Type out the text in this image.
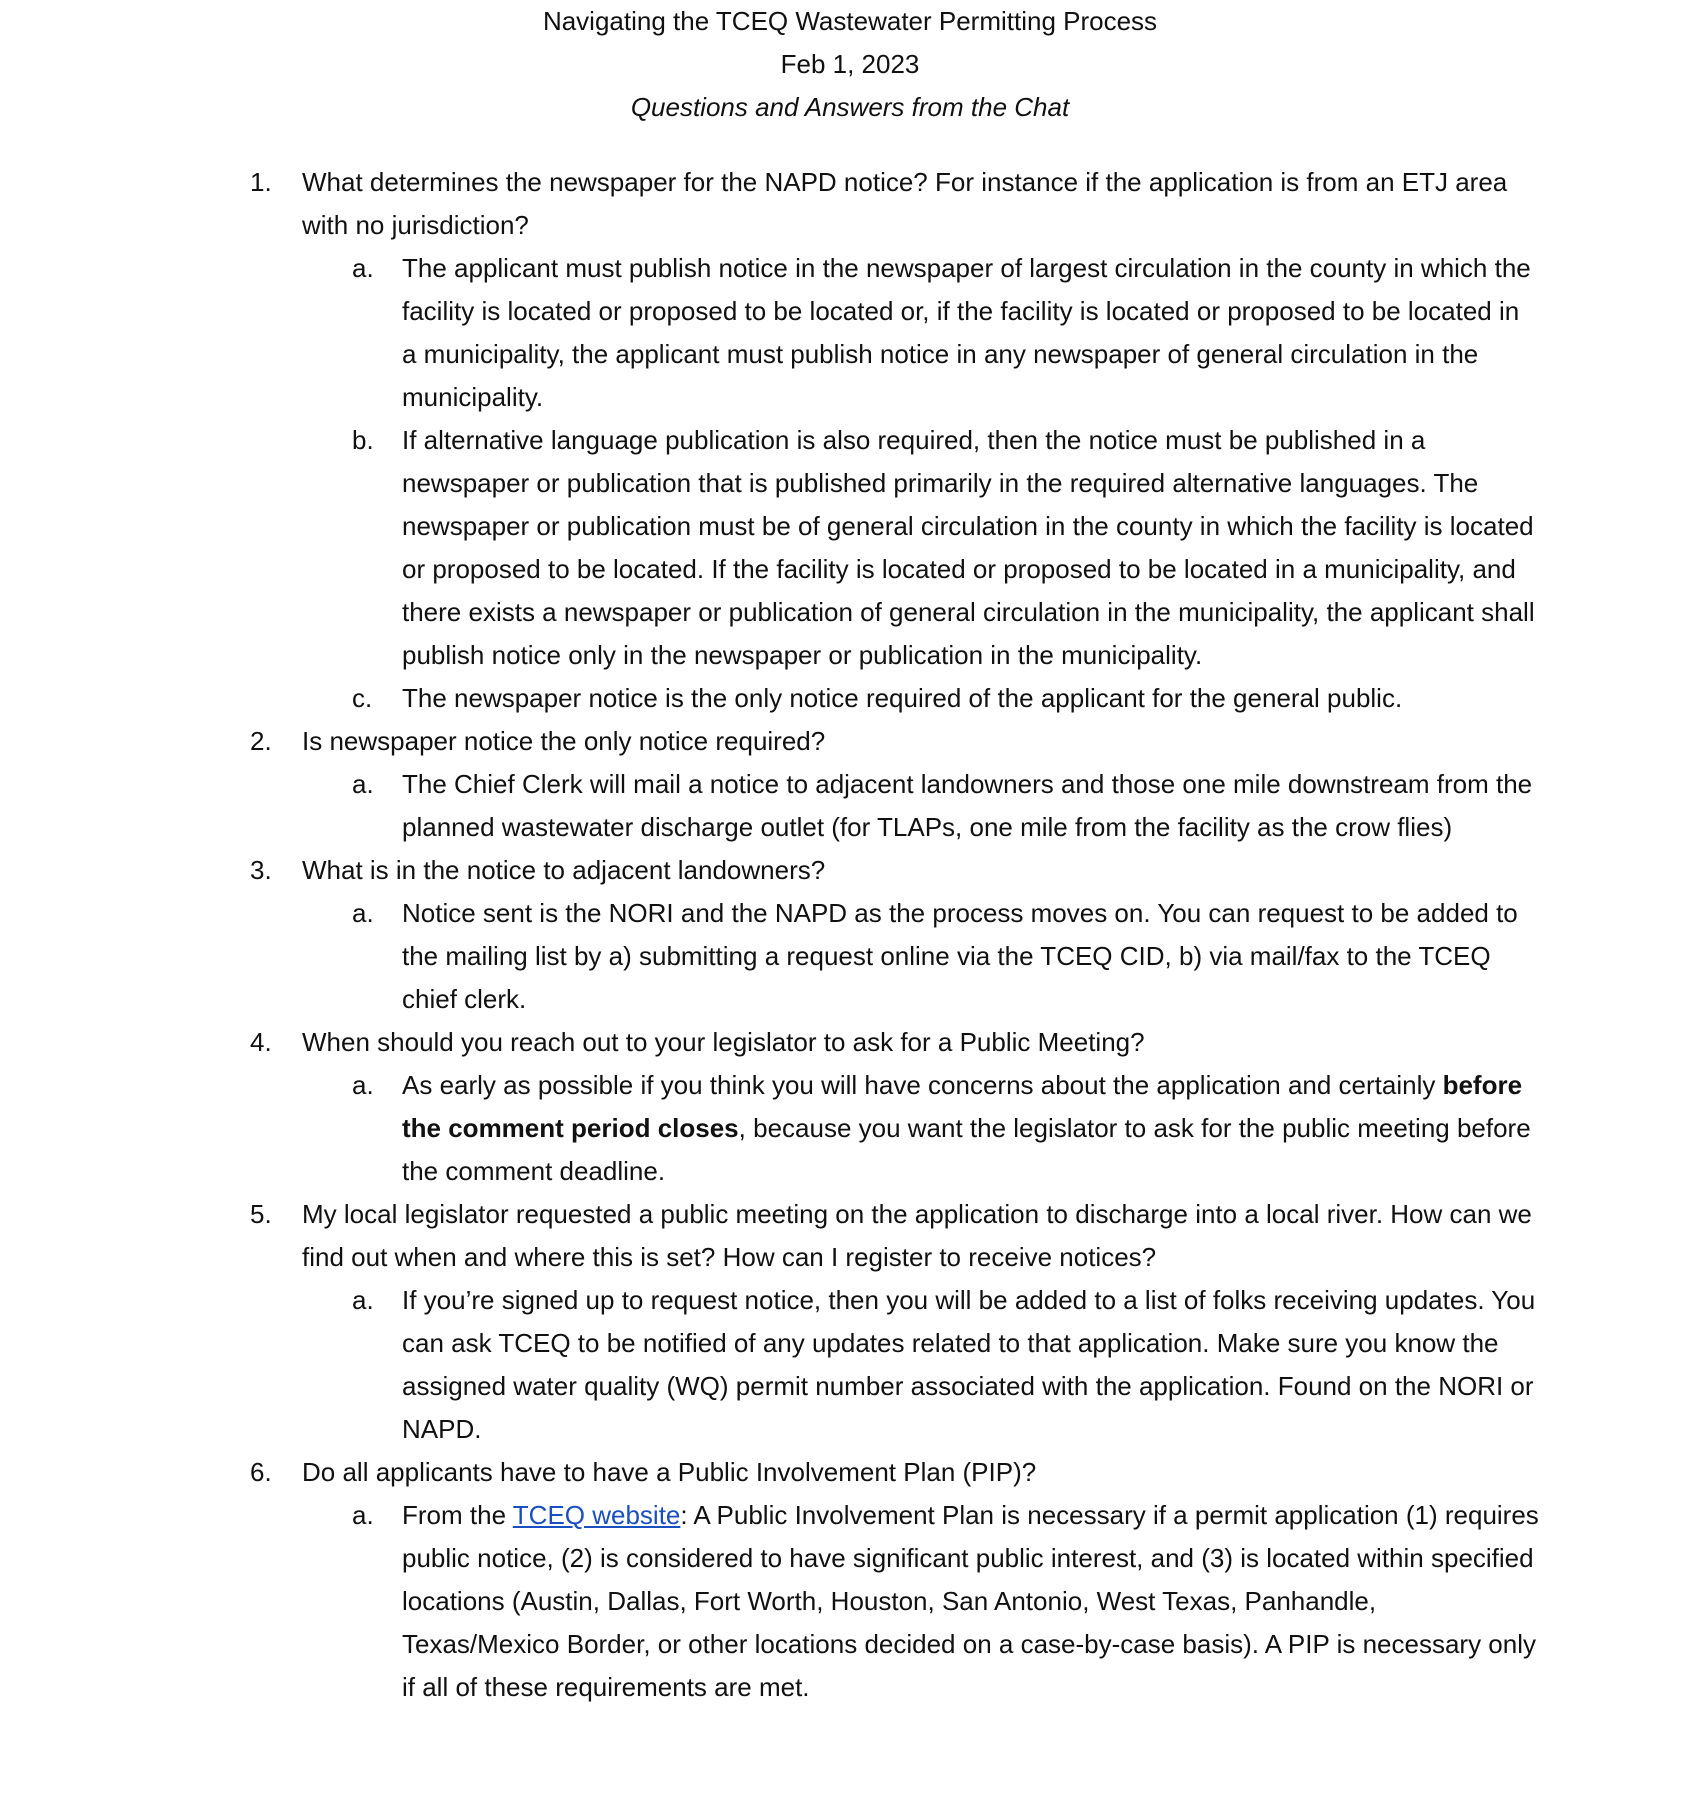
Navigating the TCEQ Wastewater Permitting Process
Feb 1, 2023
Questions and Answers from the Chat
1. What determines the newspaper for the NAPD notice? For instance if the application is from an ETJ area with no jurisdiction?
a. The applicant must publish notice in the newspaper of largest circulation in the county in which the facility is located or proposed to be located or, if the facility is located or proposed to be located in a municipality, the applicant must publish notice in any newspaper of general circulation in the municipality.
b. If alternative language publication is also required, then the notice must be published in a newspaper or publication that is published primarily in the required alternative languages. The newspaper or publication must be of general circulation in the county in which the facility is located or proposed to be located. If the facility is located or proposed to be located in a municipality, and there exists a newspaper or publication of general circulation in the municipality, the applicant shall publish notice only in the newspaper or publication in the municipality.
c. The newspaper notice is the only notice required of the applicant for the general public.
2. Is newspaper notice the only notice required?
a. The Chief Clerk will mail a notice to adjacent landowners and those one mile downstream from the planned wastewater discharge outlet (for TLAPs, one mile from the facility as the crow flies)
3. What is in the notice to adjacent landowners?
a. Notice sent is the NORI and the NAPD as the process moves on. You can request to be added to the mailing list by a) submitting a request online via the TCEQ CID, b) via mail/fax to the TCEQ chief clerk.
4. When should you reach out to your legislator to ask for a Public Meeting?
a. As early as possible if you think you will have concerns about the application and certainly before the comment period closes, because you want the legislator to ask for the public meeting before the comment deadline.
5. My local legislator requested a public meeting on the application to discharge into a local river. How can we find out when and where this is set? How can I register to receive notices?
a. If you’re signed up to request notice, then you will be added to a list of folks receiving updates. You can ask TCEQ to be notified of any updates related to that application. Make sure you know the assigned water quality (WQ) permit number associated with the application. Found on the NORI or NAPD.
6. Do all applicants have to have a Public Involvement Plan (PIP)?
a. From the TCEQ website: A Public Involvement Plan is necessary if a permit application (1) requires public notice, (2) is considered to have significant public interest, and (3) is located within specified locations (Austin, Dallas, Fort Worth, Houston, San Antonio, West Texas, Panhandle, Texas/Mexico Border, or other locations decided on a case-by-case basis). A PIP is necessary only if all of these requirements are met.
